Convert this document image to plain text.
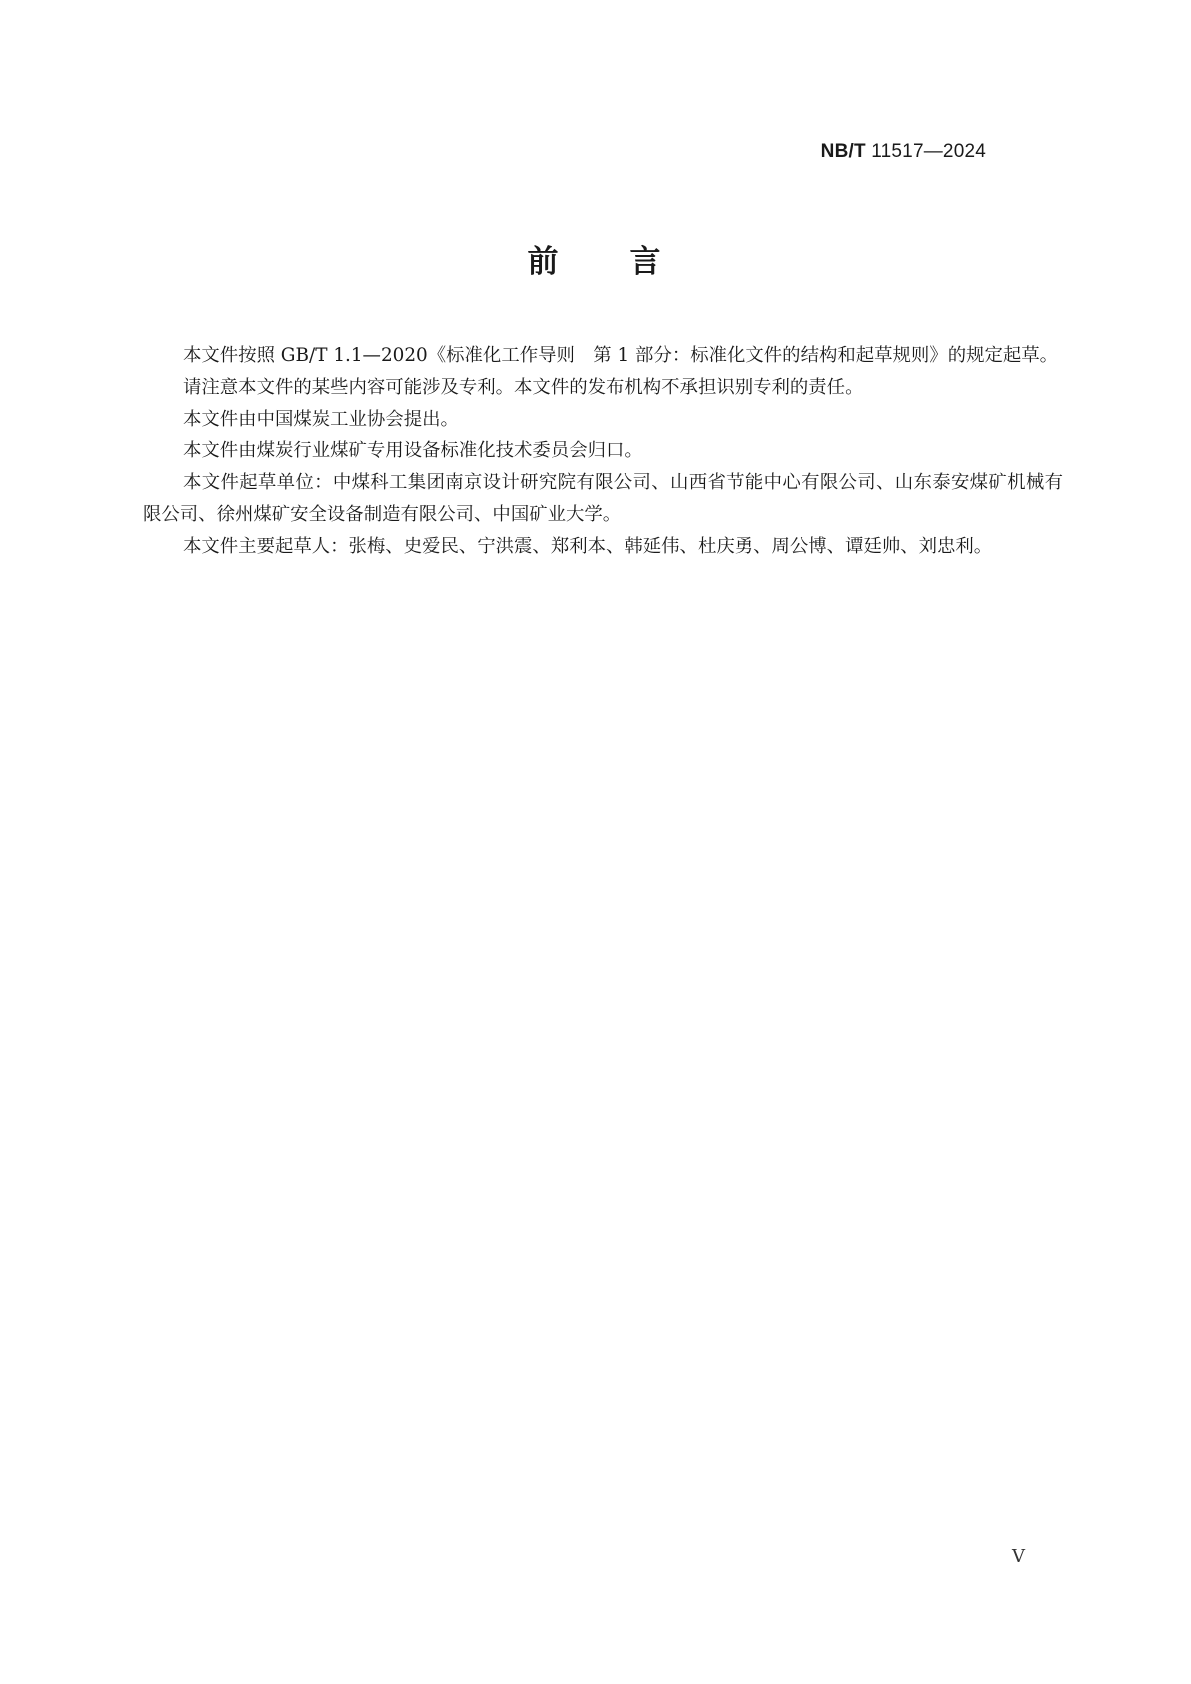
NB/T 11517—2024
前　　言

本文件按照 GB/T 1.1—2020《标准化工作导则　第 1 部分：标准化文件的结构和起草规则》的规定起草。

请注意本文件的某些内容可能涉及专利。本文件的发布机构不承担识别专利的责任。

本文件由中国煤炭工业协会提出。

本文件由煤炭行业煤矿专用设备标准化技术委员会归口。

本文件起草单位：中煤科工集团南京设计研究院有限公司、山西省节能中心有限公司、山东泰安煤矿机械有限公司、徐州煤矿安全设备制造有限公司、中国矿业大学。

本文件主要起草人：张梅、史爱民、宁洪震、郑利本、韩延伟、杜庆勇、周公博、谭廷帅、刘忠利。

V
